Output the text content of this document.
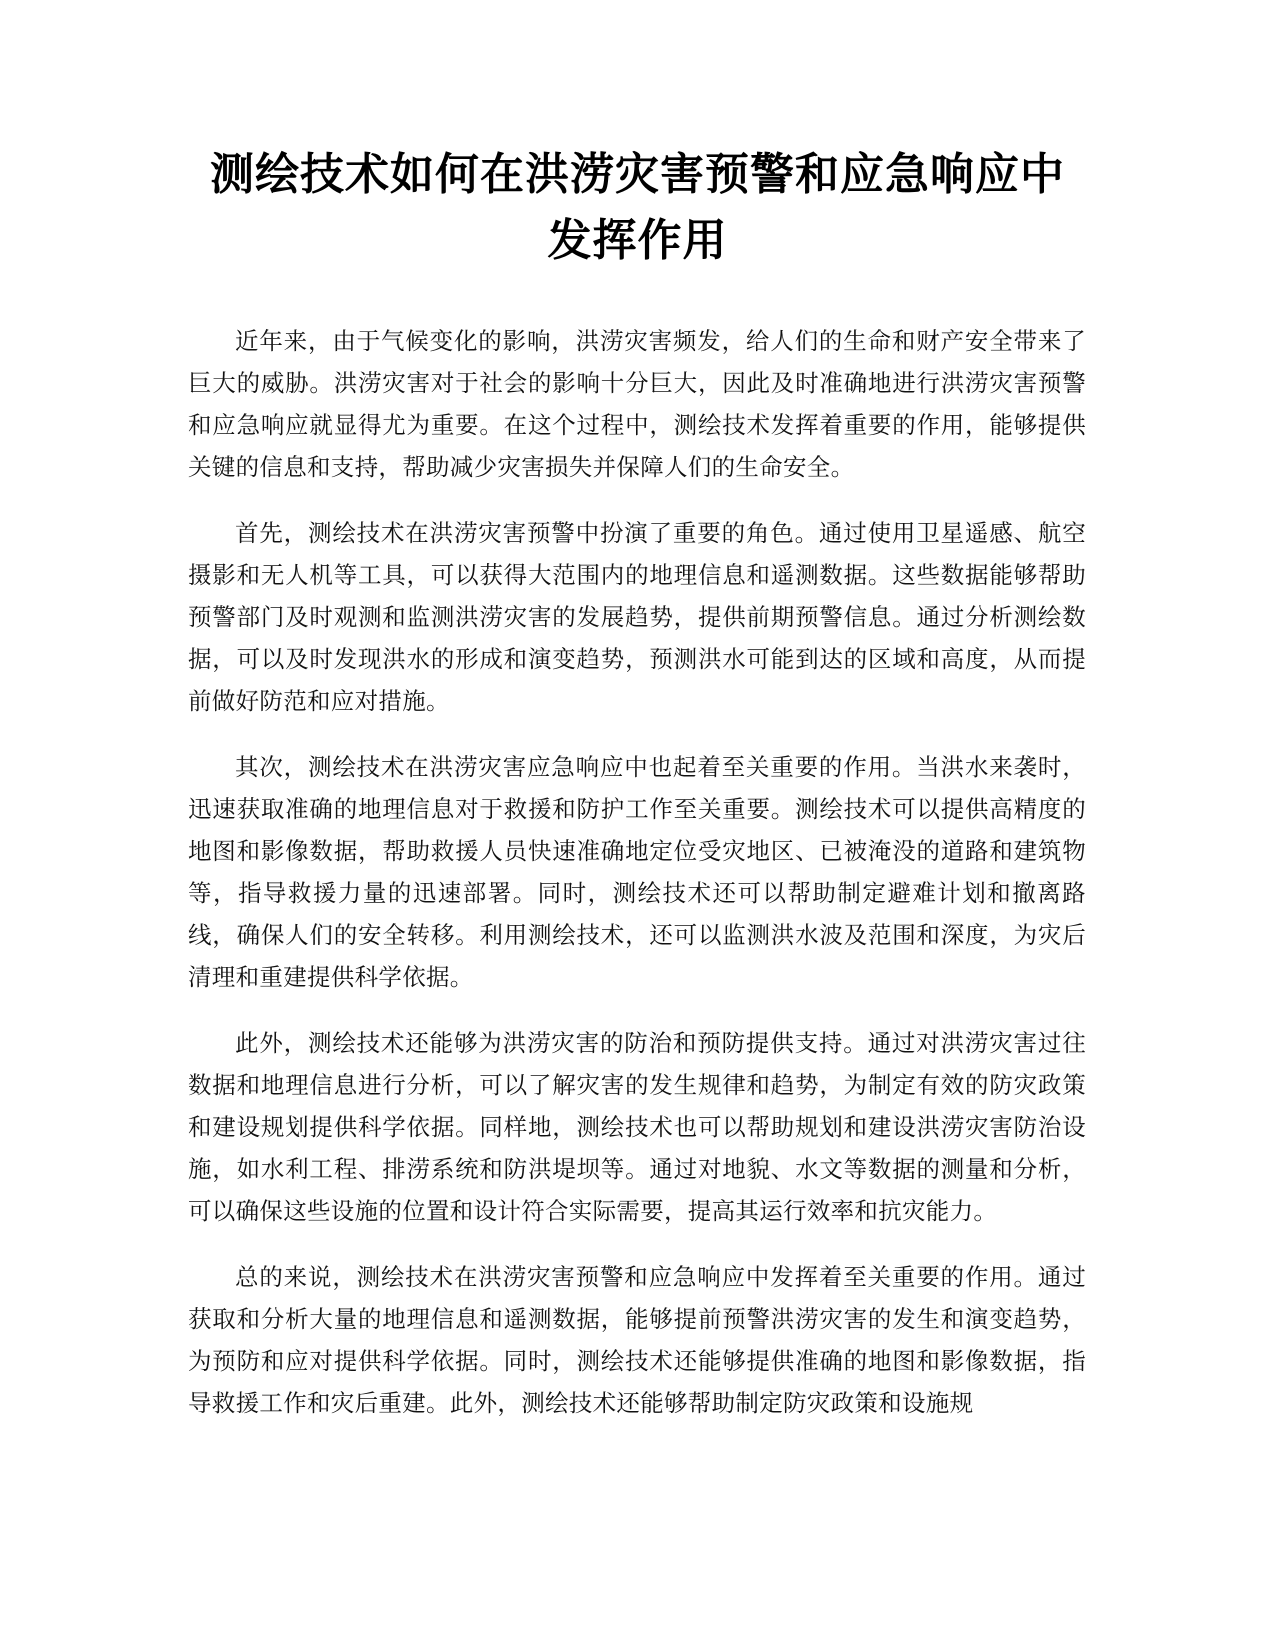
测绘技术如何在洪涝灾害预警和应急响应中
发挥作用

近年来，由于气候变化的影响，洪涝灾害频发，给人们的生命和财产安全带来了巨大的威胁。洪涝灾害对于社会的影响十分巨大，因此及时准确地进行洪涝灾害预警和应急响应就显得尤为重要。在这个过程中，测绘技术发挥着重要的作用，能够提供关键的信息和支持，帮助减少灾害损失并保障人们的生命安全。

首先，测绘技术在洪涝灾害预警中扮演了重要的角色。通过使用卫星遥感、航空摄影和无人机等工具，可以获得大范围内的地理信息和遥测数据。这些数据能够帮助预警部门及时观测和监测洪涝灾害的发展趋势，提供前期预警信息。通过分析测绘数据，可以及时发现洪水的形成和演变趋势，预测洪水可能到达的区域和高度，从而提前做好防范和应对措施。

其次，测绘技术在洪涝灾害应急响应中也起着至关重要的作用。当洪水来袭时，迅速获取准确的地理信息对于救援和防护工作至关重要。测绘技术可以提供高精度的地图和影像数据，帮助救援人员快速准确地定位受灾地区、已被淹没的道路和建筑物等，指导救援力量的迅速部署。同时，测绘技术还可以帮助制定避难计划和撤离路线，确保人们的安全转移。利用测绘技术，还可以监测洪水波及范围和深度，为灾后清理和重建提供科学依据。

此外，测绘技术还能够为洪涝灾害的防治和预防提供支持。通过对洪涝灾害过往数据和地理信息进行分析，可以了解灾害的发生规律和趋势，为制定有效的防灾政策和建设规划提供科学依据。同样地，测绘技术也可以帮助规划和建设洪涝灾害防治设施，如水利工程、排涝系统和防洪堤坝等。通过对地貌、水文等数据的测量和分析，可以确保这些设施的位置和设计符合实际需要，提高其运行效率和抗灾能力。

总的来说，测绘技术在洪涝灾害预警和应急响应中发挥着至关重要的作用。通过获取和分析大量的地理信息和遥测数据，能够提前预警洪涝灾害的发生和演变趋势，为预防和应对提供科学依据。同时，测绘技术还能够提供准确的地图和影像数据，指导救援工作和灾后重建。此外，测绘技术还能够帮助制定防灾政策和设施规
